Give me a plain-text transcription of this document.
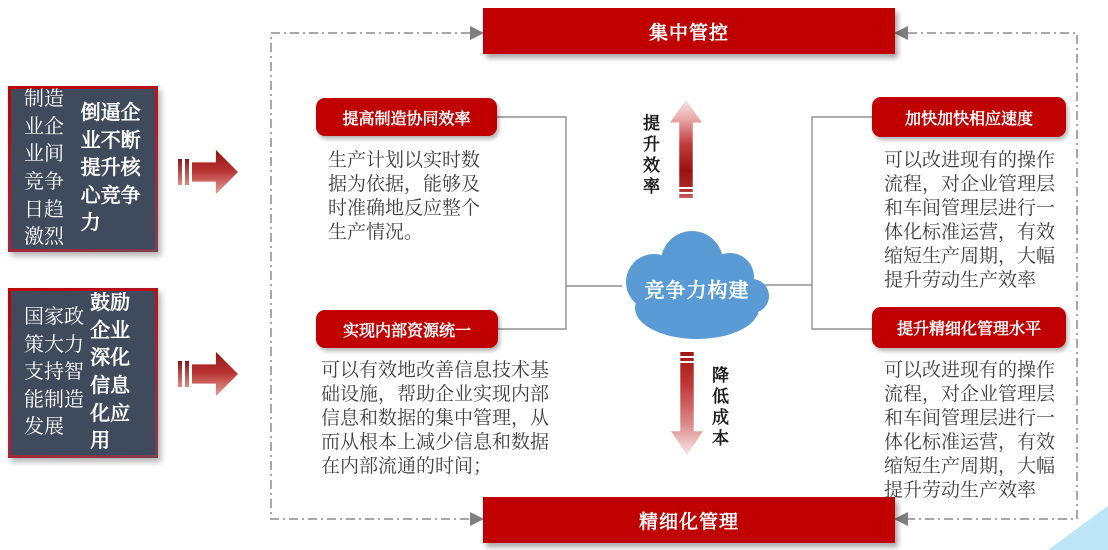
集中管控
精细化管理
制造业企业间竞争日趋激烈
倒逼企业不断提升核心竞争力
国家政策大力支持智能制造发展
鼓励企业深化信息化应用
提高制造协同效率
实现内部资源统一
加快加快相应速度
提升精细化管理水平
生产计划以实时数据为依据，能够及时准确地反应整个生产情况。
可以有效地改善信息技术基础设施，帮助企业实现内部信息和数据的集中管理，从而从根本上减少信息和数据在内部流通的时间；
可以改进现有的操作流程，对企业管理层和车间管理层进行一体化标准运营，有效缩短生产周期，大幅提升劳动生产效率
可以改进现有的操作流程，对企业管理层和车间管理层进行一体化标准运营，有效缩短生产周期，大幅提升劳动生产效率
提升效率
降低成本
竞争力构建
